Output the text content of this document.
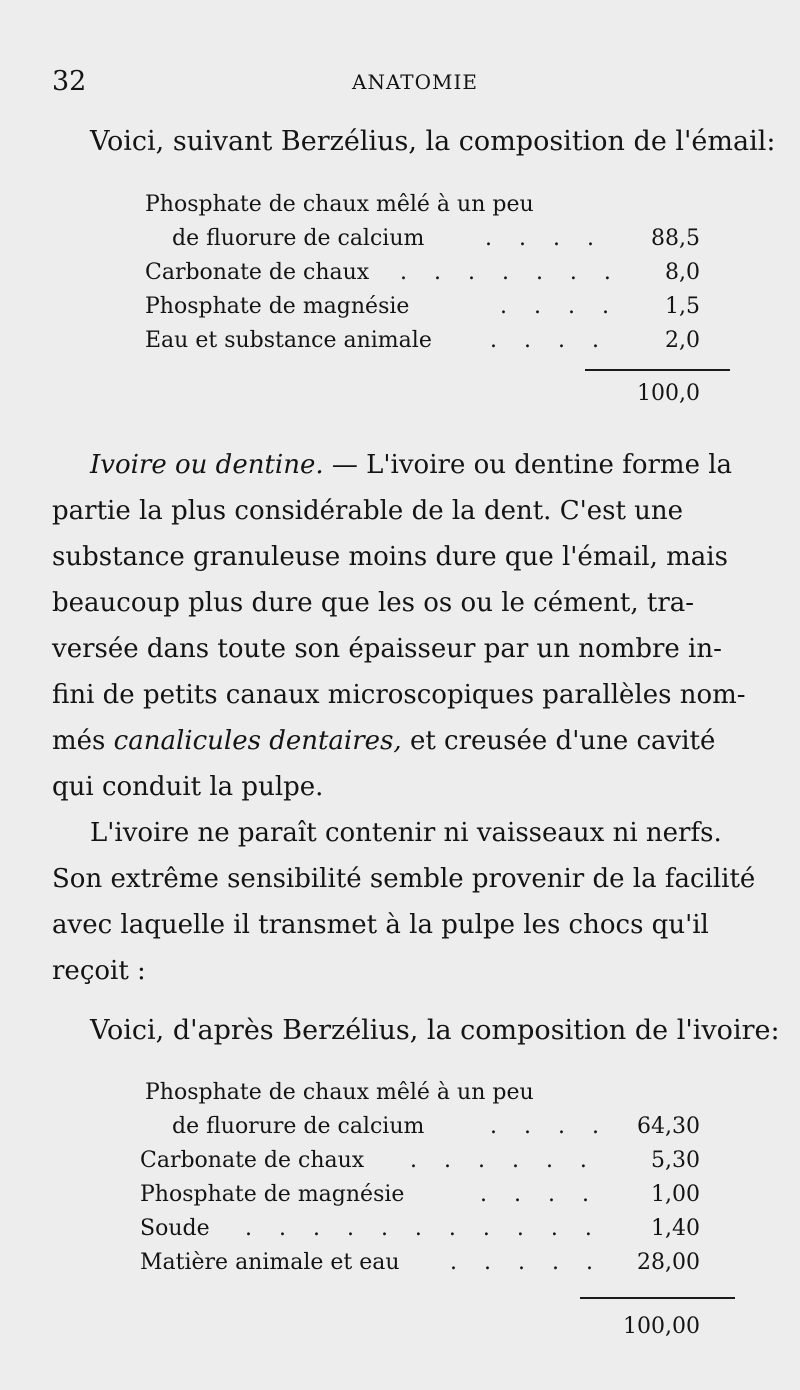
32	ANATOMIE
Voici, suivant Berzélius, la composition de l'émail:
Phosphate de chaux mêlé à un peu
de fluorure de calcium	. . . .	88,5
Carbonate de chaux . . . . . . .	8,0
Phosphate de magnésie	. . . .	1,5
Eau et substance animale	. . . .	2,0
100,0
Ivoire ou dentine. — L'ivoire ou dentine forme la
partie la plus considérable de la dent. C'est une
substance granuleuse moins dure que l'émail, mais
beaucoup plus dure que les os ou le cément, tra-
versée dans toute son épaisseur par un nombre in-
fini de petits canaux microscopiques parallèles nom-
més canalicules dentaires, et creusée d'une cavité
qui conduit la pulpe.
L'ivoire ne paraît contenir ni vaisseaux ni nerfs.
Son extrême sensibilité semble provenir de la facilité
avec laquelle il transmet à la pulpe les chocs qu'il
reçoit :
Voici, d'après Berzélius, la composition de l'ivoire:
Phosphate de chaux mêlé à un peu
de fluorure de calcium	. . . .	64,30
Carbonate de chaux . . . . . .	5,30
Phosphate de magnésie	. . . .	1,00
Soude . . . . . . . . . . .	1,40
Matière animale et eau . . . . .	28,00
100,00
